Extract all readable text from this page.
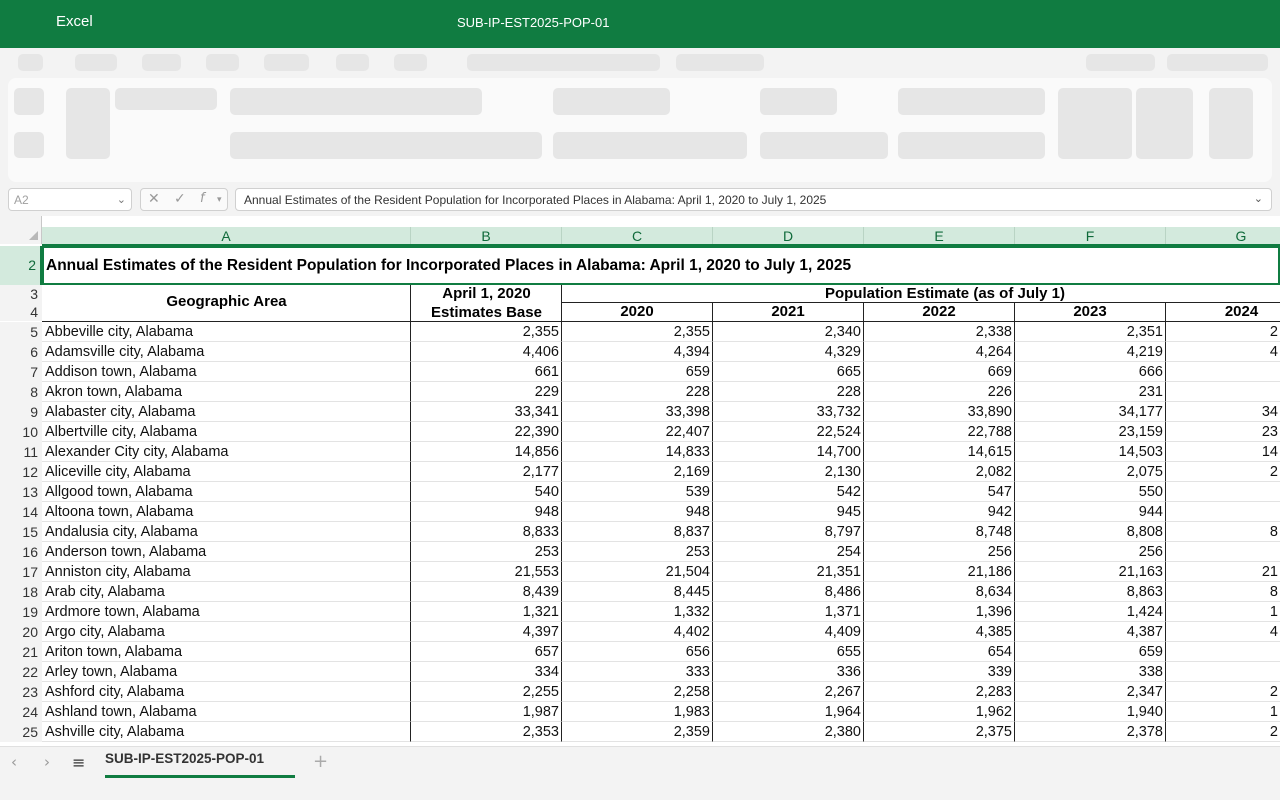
Excel	SUB-IP-EST2025-POP-01
A2	⌄ ✕ ✓ f ▾	Annual Estimates of the Resident Population for Incorporated Places in Alabama: April 1, 2020 to July 1, 2025	⌄
A	B	C	D	E	F	G
2
3
4
Annual Estimates of the Resident Population for Incorporated Places in Alabama: April 1, 2020 to July 1, 2025
Geographic Area	April 1, 2020
Estimates Base
Population Estimate (as of July 1)
2020	2021	2022	2023	2024
5 Abbeville city, Alabama	2,355	2,355	2,340	2,338	2,351	2
6 Adamsville city, Alabama	4,406	4,394	4,329	4,264	4,219	4
7 Addison town, Alabama	661	659	665	669	666
8 Akron town, Alabama	229	228	228	226	231
9 Alabaster city, Alabama	33,341	33,398	33,732	33,890	34,177	34
10 Albertville city, Alabama	22,390	22,407	22,524	22,788	23,159	23
11 Alexander City city, Alabama	14,856	14,833	14,700	14,615	14,503	14
12 Aliceville city, Alabama	2,177	2,169	2,130	2,082	2,075	2
13 Allgood town, Alabama	540	539	542	547	550
14 Altoona town, Alabama	948	948	945	942	944
15 Andalusia city, Alabama	8,833	8,837	8,797	8,748	8,808	8
16 Anderson town, Alabama	253	253	254	256	256
17 Anniston city, Alabama	21,553	21,504	21,351	21,186	21,163	21
18 Arab city, Alabama	8,439	8,445	8,486	8,634	8,863	8
19 Ardmore town, Alabama	1,321	1,332	1,371	1,396	1,424	1
20 Argo city, Alabama	4,397	4,402	4,409	4,385	4,387	4
21 Ariton town, Alabama	657	656	655	654	659
22 Arley town, Alabama	334	333	336	339	338
23 Ashford city, Alabama	2,255	2,258	2,267	2,283	2,347	2
24 Ashland town, Alabama	1,987	1,983	1,964	1,962	1,940	1
25 Ashville city, Alabama	2,353	2,359	2,380	2,375	2,378	2
‹ › ≡ SUB-IP-EST2025-POP-01	+
